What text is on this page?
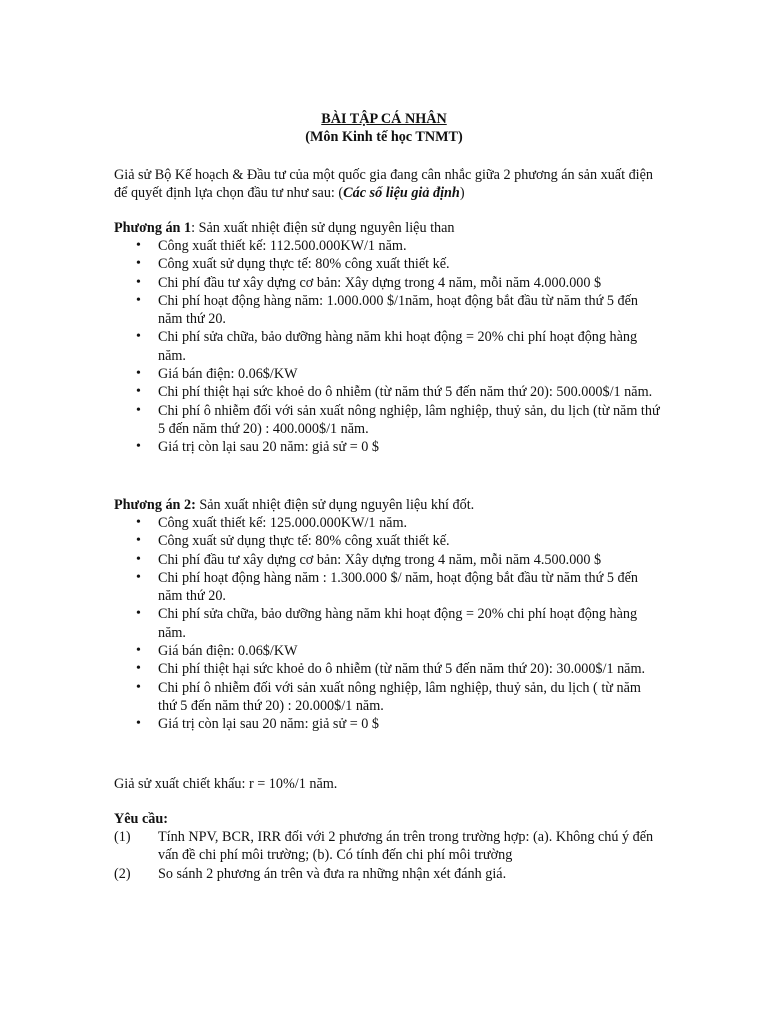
BÀI TẬP CÁ NHÂN
(Môn Kinh tế học TNMT)
Giả sử Bộ Kế hoạch & Đầu tư của một quốc gia đang cân nhắc giữa 2 phương án sản xuất điện để quyết định lựa chọn đầu tư như sau: (Các số liệu giả định)
Phương án 1: Sản xuất nhiệt điện sử dụng nguyên liệu than
• Công xuất thiết kế: 112.500.000KW/1 năm.
• Công xuất sử dụng thực tế: 80% công xuất thiết kế.
• Chi phí đầu tư xây dựng cơ bản: Xây dựng trong 4 năm, mỗi năm 4.000.000 $
• Chi phí hoạt động hàng năm: 1.000.000 $/1năm, hoạt động bắt đầu từ năm thứ 5 đến năm thứ 20.
• Chi phí sửa chữa, bảo dưỡng hàng năm khi hoạt động = 20% chi phí hoạt động hàng năm.
• Giá bán điện: 0.06$/KW
• Chi phí thiệt hại sức khoẻ do ô nhiễm (từ năm thứ 5 đến năm thứ 20): 500.000$/1 năm.
• Chi phí ô nhiễm đối với sản xuất nông nghiệp, lâm nghiệp, thuỷ sản, du lịch (từ năm thứ 5 đến năm thứ 20) : 400.000$/1 năm.
• Giá trị còn lại sau 20 năm: giả sử = 0 $
Phương án 2: Sản xuất nhiệt điện sử dụng nguyên liệu khí đốt.
• Công xuất thiết kế: 125.000.000KW/1 năm.
• Công xuất sử dụng thực tế: 80% công xuất thiết kế.
• Chi phí đầu tư xây dựng cơ bản: Xây dựng trong 4 năm, mỗi năm 4.500.000 $
• Chi phí hoạt động hàng năm : 1.300.000 $/ năm, hoạt động bắt đầu từ năm thứ 5 đến năm thứ 20.
• Chi phí sửa chữa, bảo dưỡng hàng năm khi hoạt động = 20% chi phí hoạt động hàng năm.
• Giá bán điện: 0.06$/KW
• Chi phí thiệt hại sức khoẻ do ô nhiễm (từ năm thứ 5 đến năm thứ 20): 30.000$/1 năm.
• Chi phí ô nhiễm đối với sản xuất nông nghiệp, lâm nghiệp, thuỷ sản, du lịch ( từ năm thứ 5 đến năm thứ 20) : 20.000$/1 năm.
• Giá trị còn lại sau 20 năm: giả sử = 0 $
Giả sử xuất chiết khấu: r = 10%/1 năm.
Yêu cầu:
(1) Tính NPV, BCR, IRR đối với 2 phương án trên trong trường hợp: (a). Không chú ý đến vấn đề chi phí môi trường; (b). Có tính đến chi phí môi trường
(2) So sánh 2 phương án trên và đưa ra những nhận xét đánh giá.
